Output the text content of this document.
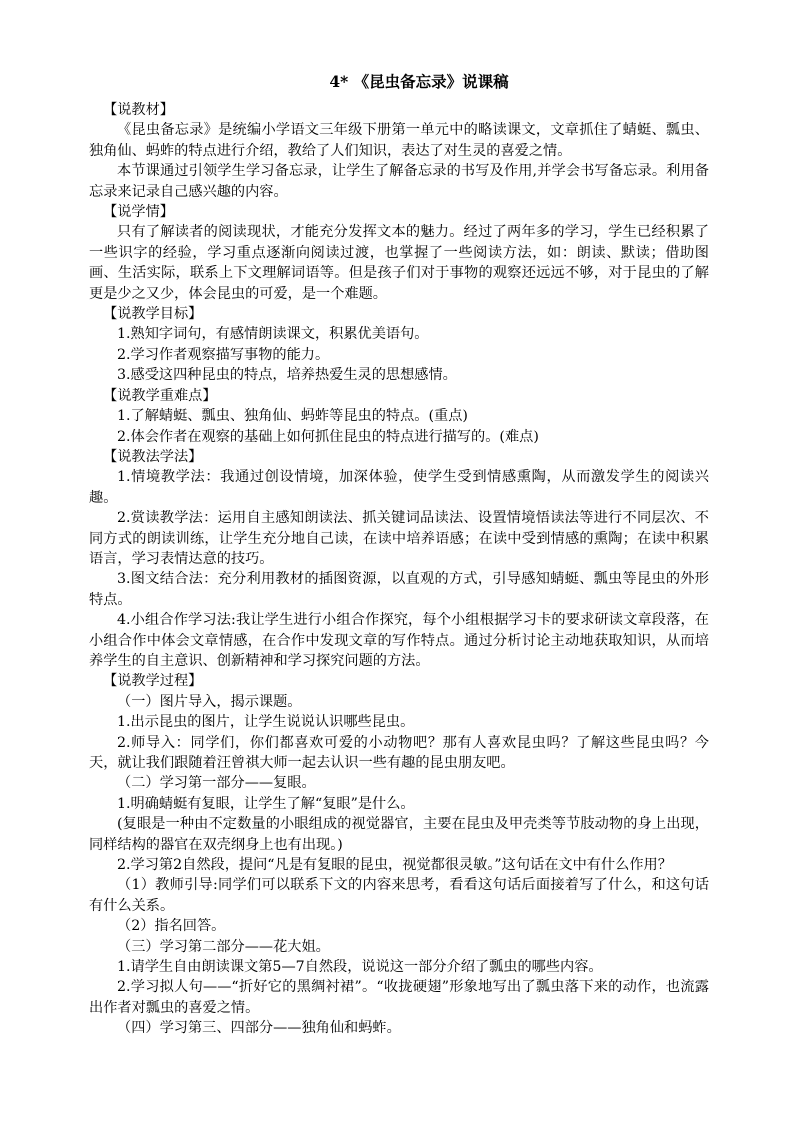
4* 《昆虫备忘录》说课稿

【说教材】

《昆虫备忘录》是统编小学语文三年级下册第一单元中的略读课文，文章抓住了蜻蜓、瓢虫、独角仙、蚂蚱的特点进行介绍，教给了人们知识，表达了对生灵的喜爱之情。

本节课通过引领学生学习备忘录，让学生了解备忘录的书写及作用,并学会书写备忘录。利用备忘录来记录自己感兴趣的内容。

【说学情】

只有了解读者的阅读现状，才能充分发挥文本的魅力。经过了两年多的学习，学生已经积累了一些识字的经验，学习重点逐渐向阅读过渡，也掌握了一些阅读方法，如：朗读、默读；借助图画、生活实际，联系上下文理解词语等。但是孩子们对于事物的观察还远远不够，对于昆虫的了解更是少之又少，体会昆虫的可爱，是一个难题。

【说教学目标】

1.熟知字词句，有感情朗读课文，积累优美语句。

2.学习作者观察描写事物的能力。

3.感受这四种昆虫的特点，培养热爱生灵的思想感情。

【说教学重难点】

1.了解蜻蜓、瓢虫、独角仙、蚂蚱等昆虫的特点。(重点)

2.体会作者在观察的基础上如何抓住昆虫的特点进行描写的。(难点)

【说教法学法】

1.情境教学法：我通过创设情境，加深体验，使学生受到情感熏陶，从而激发学生的阅读兴趣。

2.赏读教学法：运用自主感知朗读法、抓关键词品读法、设置情境悟读法等进行不同层次、不同方式的朗读训练，让学生充分地自己读，在读中培养语感；在读中受到情感的熏陶；在读中积累语言，学习表情达意的技巧。

3.图文结合法：充分利用教材的插图资源，以直观的方式，引导感知蜻蜓、瓢虫等昆虫的外形特点。

4.小组合作学习法:我让学生进行小组合作探究，每个小组根据学习卡的要求研读文章段落，在小组合作中体会文章情感，在合作中发现文章的写作特点。通过分析讨论主动地获取知识，从而培养学生的自主意识、创新精神和学习探究问题的方法。

【说教学过程】

（一）图片导入，揭示课题。

1.出示昆虫的图片，让学生说说认识哪些昆虫。

2.师导入：同学们，你们都喜欢可爱的小动物吧？那有人喜欢昆虫吗？了解这些昆虫吗？今天，就让我们跟随着汪曾祺大师一起去认识一些有趣的昆虫朋友吧。

（二）学习第一部分——复眼。

1.明确蜻蜓有复眼，让学生了解“复眼”是什么。

(复眼是一种由不定数量的小眼组成的视觉器官，主要在昆虫及甲壳类等节肢动物的身上出现，同样结构的器官在双壳纲身上也有出现。)

2.学习第2自然段，提问“凡是有复眼的昆虫，视觉都很灵敏。”这句话在文中有什么作用？

（1）教师引导:同学们可以联系下文的内容来思考，看看这句话后面接着写了什么，和这句话有什么关系。

（2）指名回答。

（三）学习第二部分——花大姐。

1.请学生自由朗读课文第5—7自然段，说说这一部分介绍了瓢虫的哪些内容。

2.学习拟人句——“折好它的黑绸衬裙”。“收拢硬翅”形象地写出了瓢虫落下来的动作，也流露出作者对瓢虫的喜爱之情。

（四）学习第三、四部分——独角仙和蚂蚱。
